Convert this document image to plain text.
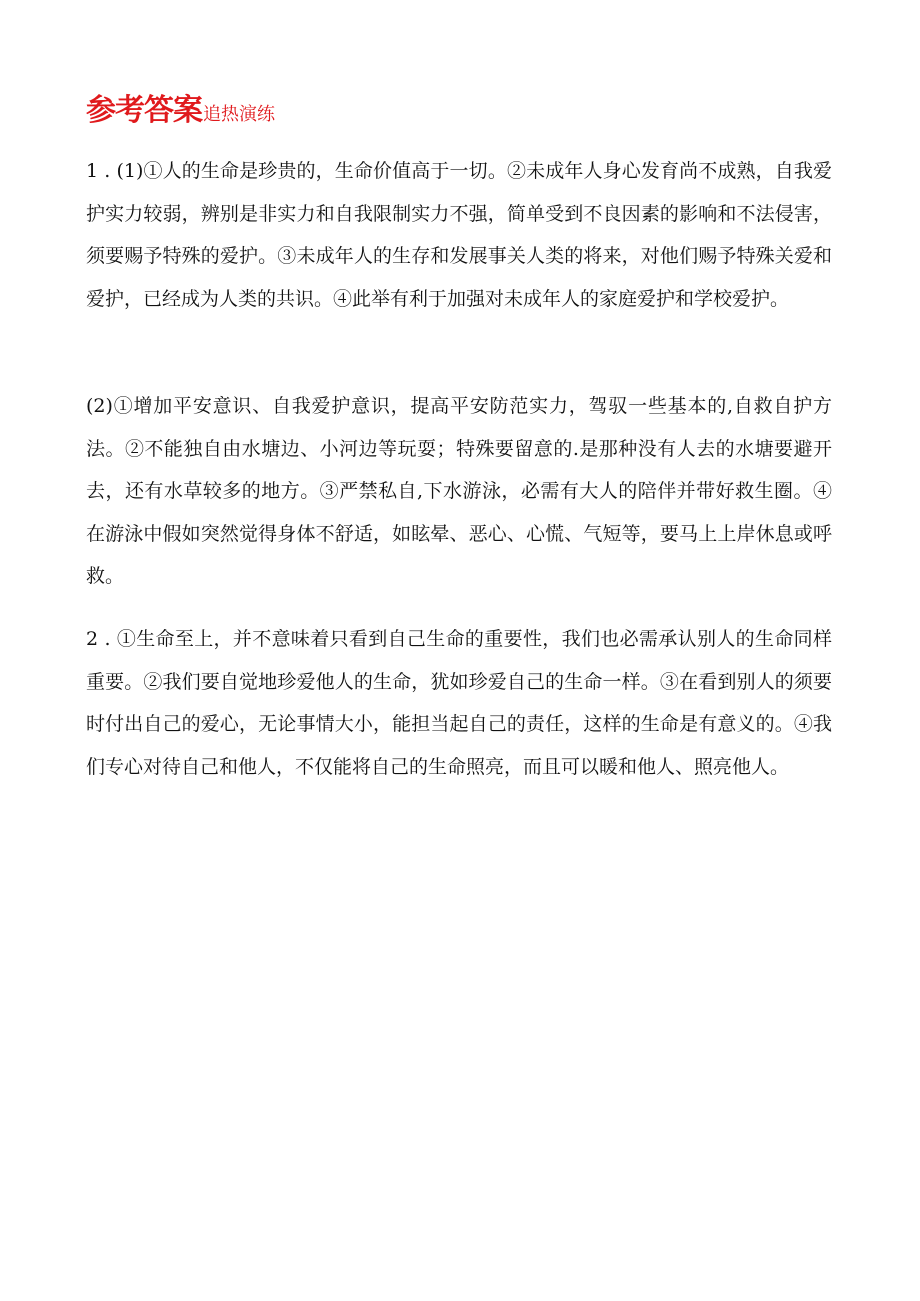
参考答案追热演练

1 . (1)①人的生命是珍贵的，生命价值高于一切。②未成年人身心发育尚不成熟，自我爱护实力较弱，辨别是非实力和自我限制实力不强，简单受到不良因素的影响和不法侵害，须要赐予特殊的爱护。③未成年人的生存和发展事关人类的将来，对他们赐予特殊关爱和爱护，已经成为人类的共识。④此举有利于加强对未成年人的家庭爱护和学校爱护。

(2)①增加平安意识、自我爱护意识，提高平安防范实力，驾驭一些基本的,自救自护方法。②不能独自由水塘边、小河边等玩耍；特殊要留意的.是那种没有人去的水塘要避开去，还有水草较多的地方。③严禁私自,下水游泳，必需有大人的陪伴并带好救生圈。④在游泳中假如突然觉得身体不舒适，如眩晕、恶心、心慌、气短等，要马上上岸休息或呼救。

2 . ①生命至上，并不意味着只看到自己生命的重要性，我们也必需承认别人的生命同样重要。②我们要自觉地珍爱他人的生命，犹如珍爱自己的生命一样。③在看到别人的须要时付出自己的爱心，无论事情大小，能担当起自己的责任，这样的生命是有意义的。④我们专心对待自己和他人，不仅能将自己的生命照亮，而且可以暖和他人、照亮他人。
